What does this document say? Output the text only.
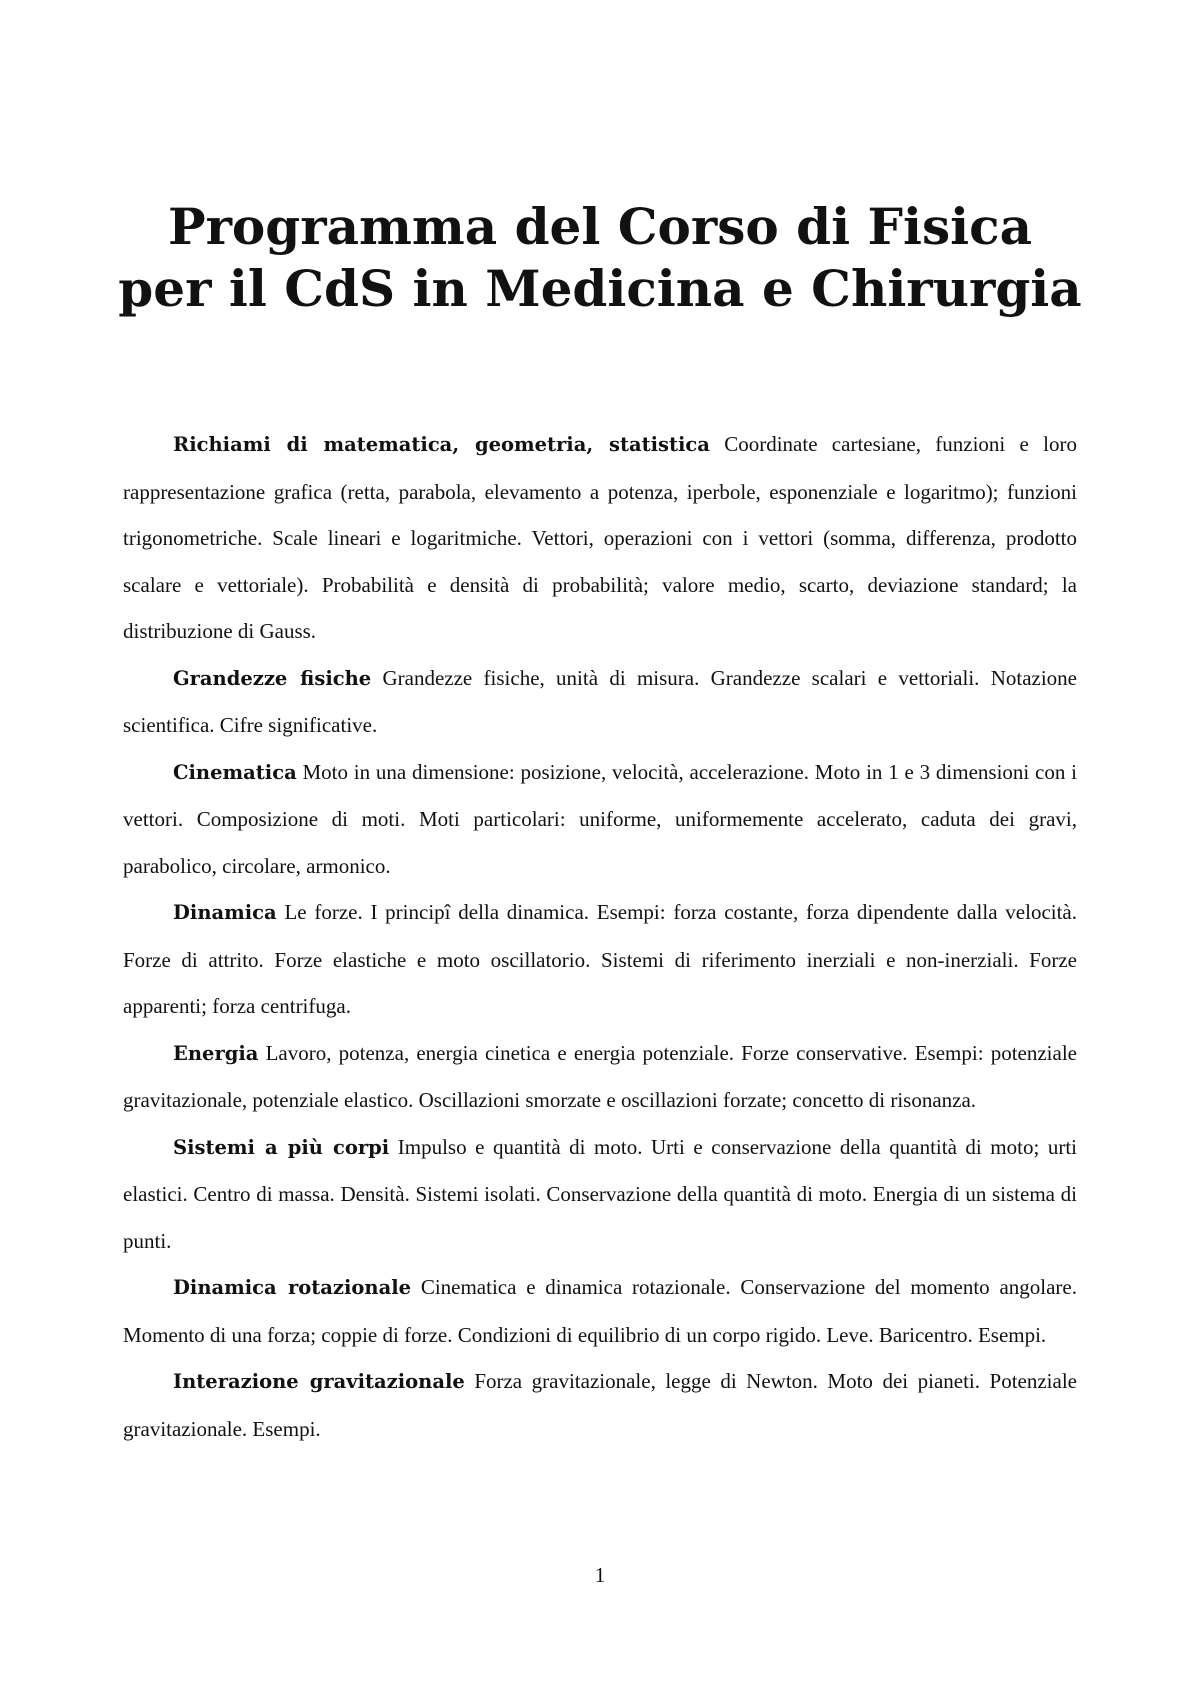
Programma del Corso di Fisica
per il CdS in Medicina e Chirurgia

Richiami di matematica, geometria, statistica Coordinate cartesiane, funzioni e loro rappresentazione grafica (retta, parabola, elevamento a potenza, iperbole, esponenziale e logaritmo); funzioni trigonometriche. Scale lineari e logaritmiche. Vettori, operazioni con i vettori (somma, differenza, prodotto scalare e vettoriale). Probabilità e densità di probabilità; valore medio, scarto, deviazione standard; la distribuzione di Gauss.

Grandezze fisiche Grandezze fisiche, unità di misura. Grandezze scalari e vettoriali. Notazione scientifica. Cifre significative.

Cinematica Moto in una dimensione: posizione, velocità, accelerazione. Moto in 1 e 3 dimensioni con i vettori. Composizione di moti. Moti particolari: uniforme, uniformemente accelerato, caduta dei gravi, parabolico, circolare, armonico.

Dinamica Le forze. I principî della dinamica. Esempi: forza costante, forza dipendente dalla velocità. Forze di attrito. Forze elastiche e moto oscillatorio. Sistemi di riferimento inerziali e non-inerziali. Forze apparenti; forza centrifuga.

Energia Lavoro, potenza, energia cinetica e energia potenziale. Forze conservative. Esempi: potenziale gravitazionale, potenziale elastico. Oscillazioni smorzate e oscillazioni forzate; concetto di risonanza.

Sistemi a più corpi Impulso e quantità di moto. Urti e conservazione della quantità di moto; urti elastici. Centro di massa. Densità. Sistemi isolati. Conservazione della quantità di moto. Energia di un sistema di punti.

Dinamica rotazionale Cinematica e dinamica rotazionale. Conservazione del momento angolare. Momento di una forza; coppie di forze. Condizioni di equilibrio di un corpo rigido. Leve. Baricentro. Esempi.

Interazione gravitazionale Forza gravitazionale, legge di Newton. Moto dei pianeti. Potenziale gravitazionale. Esempi.

1
